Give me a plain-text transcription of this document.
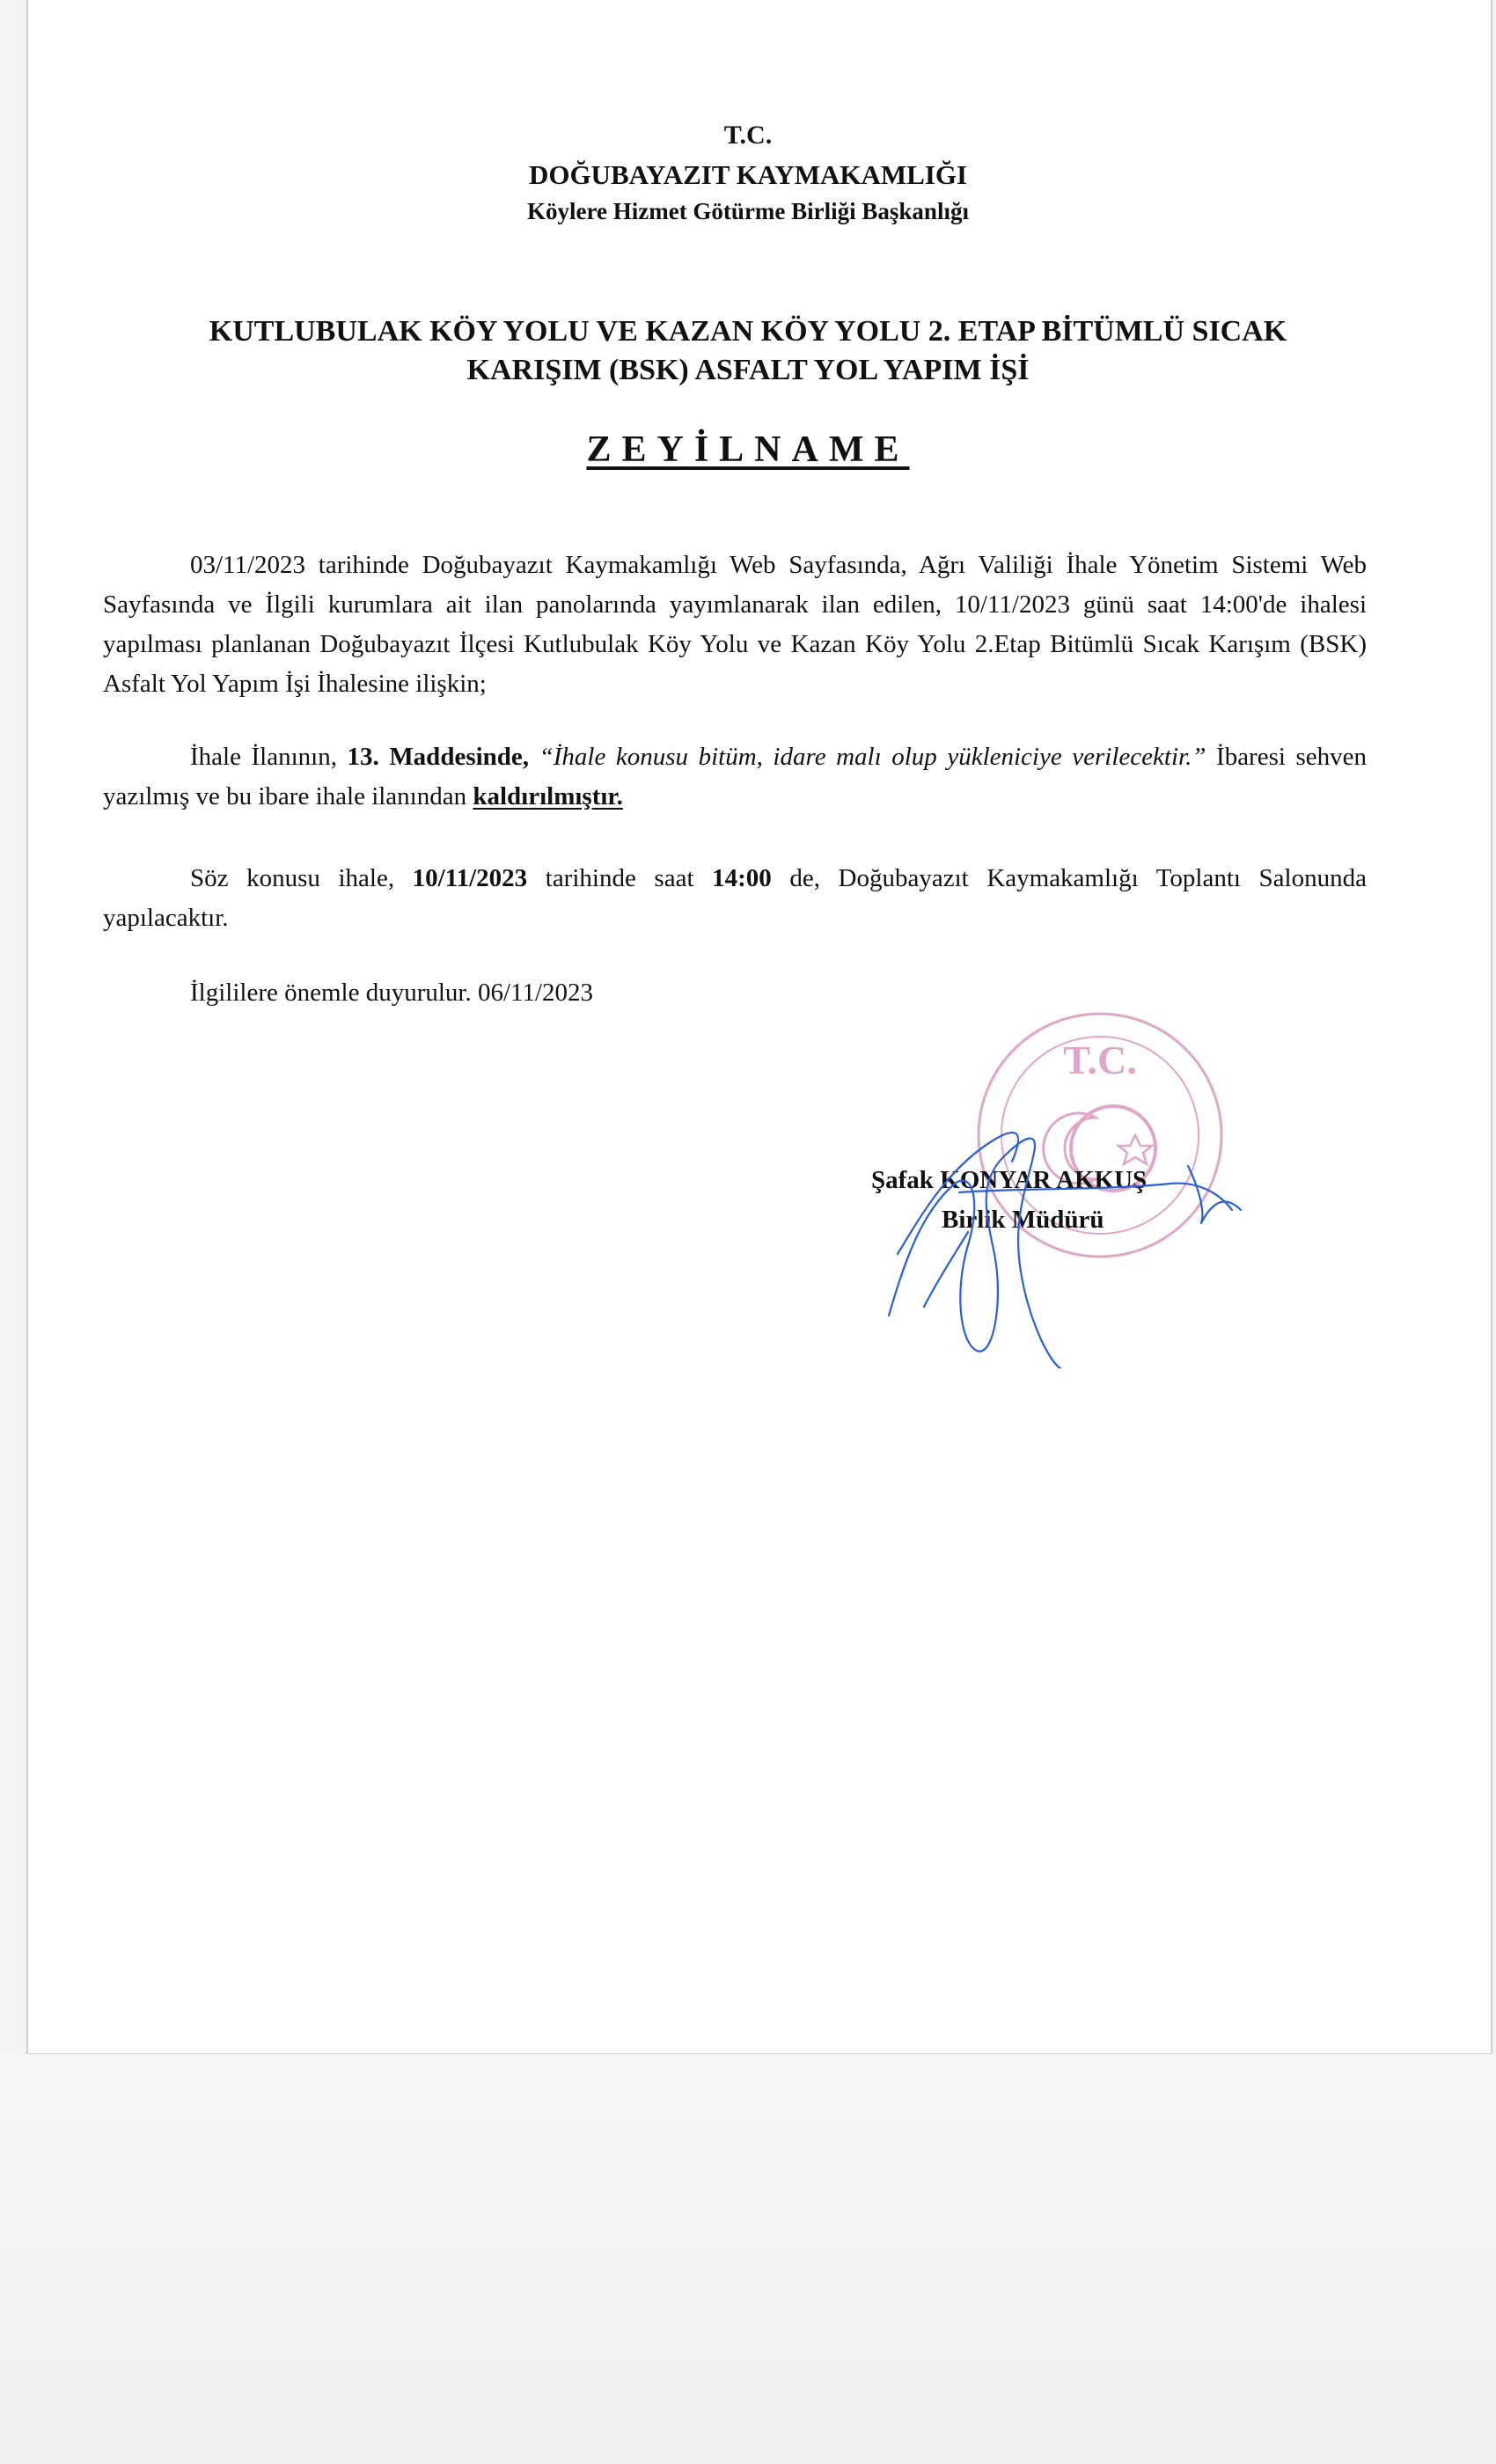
T.C.
DOĞUBAYAZIT KAYMAKAMLIĞI
Köylere Hizmet Götürme Birliği Başkanlığı
KUTLUBULAK KÖY YOLU VE KAZAN KÖY YOLU 2. ETAP BİTÜMLÜ SICAK
KARIŞIM (BSK) ASFALT YOL YAPIM İŞİ
ZEYİLNAME

03/11/2023 tarihinde Doğubayazıt Kaymakamlığı Web Sayfasında, Ağrı Valiliği İhale Yönetim Sistemi Web Sayfasında ve İlgili kurumlara ait ilan panolarında yayımlanarak ilan edilen, 10/11/2023 günü saat 14:00'de ihalesi yapılması planlanan Doğubayazıt İlçesi Kutlubulak Köy Yolu ve Kazan Köy Yolu 2.Etap Bitümlü Sıcak Karışım (BSK) Asfalt Yol Yapım İşi İhalesine ilişkin;

İhale İlanının, 13. Maddesinde, “İhale konusu bitüm, idare malı olup yükleniciye verilecektir.” İbaresi sehven yazılmış ve bu ibare ihale ilanından kaldırılmıştır.

Söz konusu ihale, 10/11/2023 tarihinde saat 14:00 de, Doğubayazıt Kaymakamlığı Toplantı Salonunda yapılacaktır.

İlgililere önemle duyurulur. 06/11/2023

T.C.
Şafak KONYAR AKKUŞ
Birlik Müdürü
